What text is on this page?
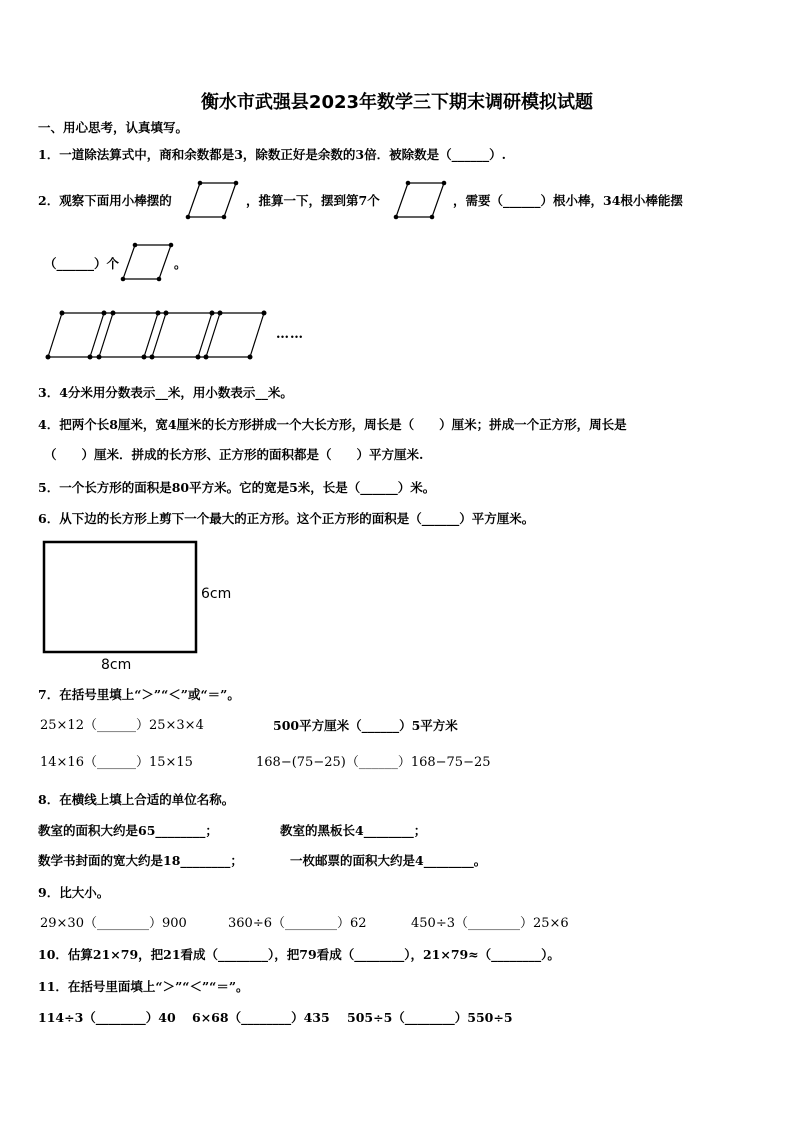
衡水市武强县2023年数学三下期末调研模拟试题
一、用心思考，认真填写。
1．一道除法算式中，商和余数都是3，除数正好是余数的3倍．被除数是（______）.
2．观察下面用小棒摆的	，推算一下，摆到第7个	，需要（______）根小棒，34根小棒能摆
（______）个	。
……
3．4分米用分数表示__米，用小数表示__米。
4．把两个长8厘米，宽4厘米的长方形拼成一个大长方形，周长是（　　）厘米；拼成一个正方形，周长是
（　　）厘米．拼成的长方形、正方形的面积都是（　　）平方厘米.
5．一个长方形的面积是80平方米。它的宽是5米，长是（______）米。
6．从下边的长方形上剪下一个最大的正方形。这个正方形的面积是（______）平方厘米。
6cm
8cm
7．在括号里填上“＞”“＜”或“＝”。
25×12（______）25×3×4	500平方厘米（______）5平方米
14×16（______）15×15	168−(75−25)（______）168−75−25
8．在横线上填上合适的单位名称。
教室的面积大约是65________；	教室的黑板长4________；
数学书封面的宽大约是18________；	一枚邮票的面积大约是4________。
9．比大小。
29×30（________）900	360÷6（________）62	450÷3（________）25×6
10．估算21×79，把21看成（________），把79看成（________），21×79≈（________）。
11．在括号里面填上“＞”“＜”“＝”。
114÷3（________）40 6×68（________）435 505÷5（________）550÷5
